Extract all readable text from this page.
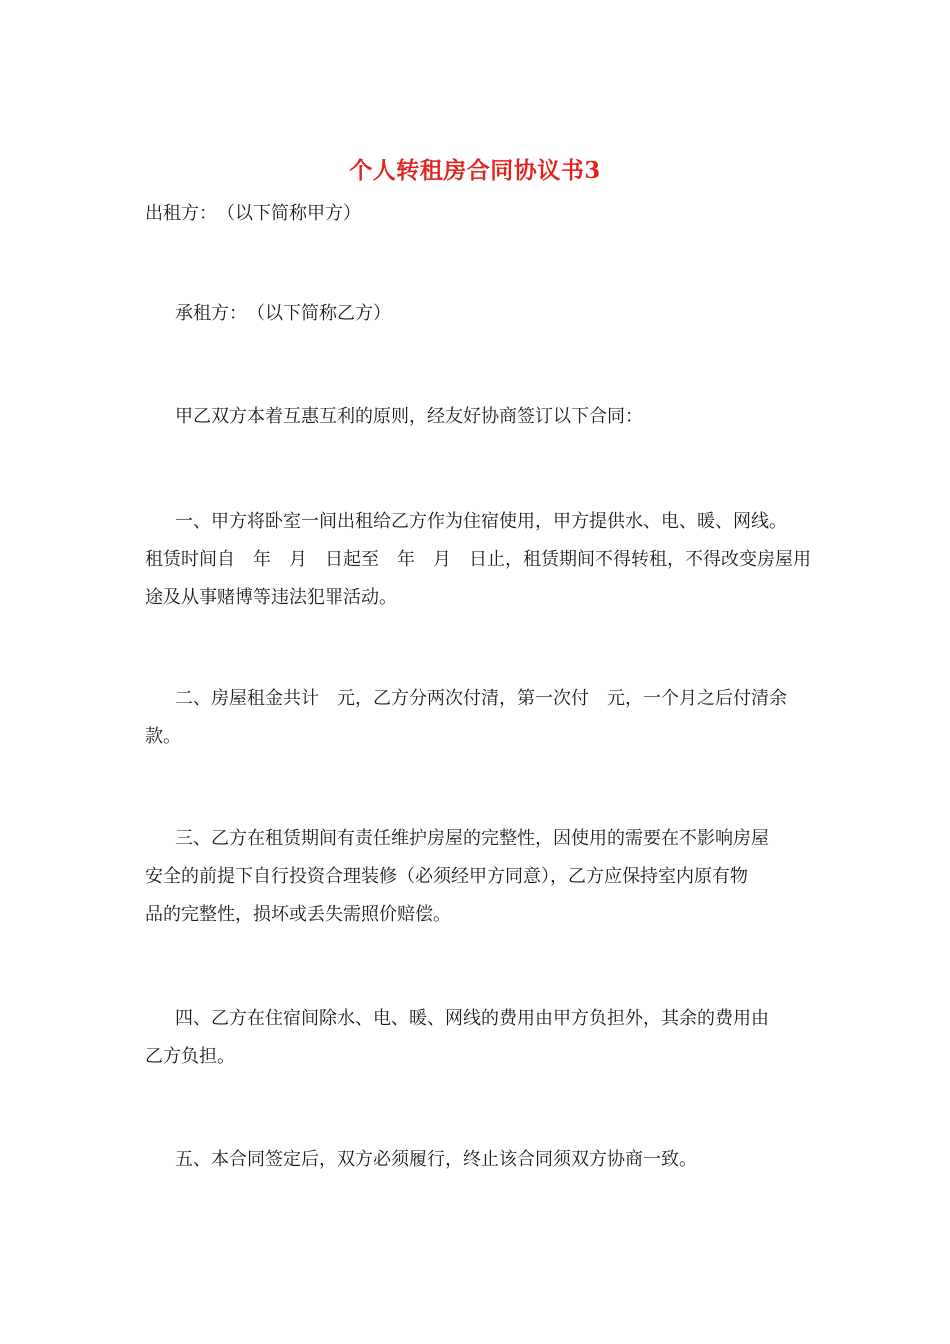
个人转租房合同协议书3
出租方：　（以下简称甲方）
承租方：　（以下简称乙方）
甲乙双方本着互惠互利的原则，经友好协商签订以下合同：
一、甲方将卧室一间出租给乙方作为住宿使用，甲方提供水、电、暖、网线。
租赁时间自　年　月　日起至　年　月　日止，租赁期间不得转租，不得改变房屋用
途及从事赌博等违法犯罪活动。
二、房屋租金共计　元，乙方分两次付清，第一次付　元，一个月之后付清余
款。
三、乙方在租赁期间有责任维护房屋的完整性，因使用的需要在不影响房屋
安全的前提下自行投资合理装修（必须经甲方同意），乙方应保持室内原有物
品的完整性，损坏或丢失需照价赔偿。
四、乙方在住宿间除水、电、暖、网线的费用由甲方负担外，其余的费用由
乙方负担。
五、本合同签定后，双方必须履行，终止该合同须双方协商一致。
